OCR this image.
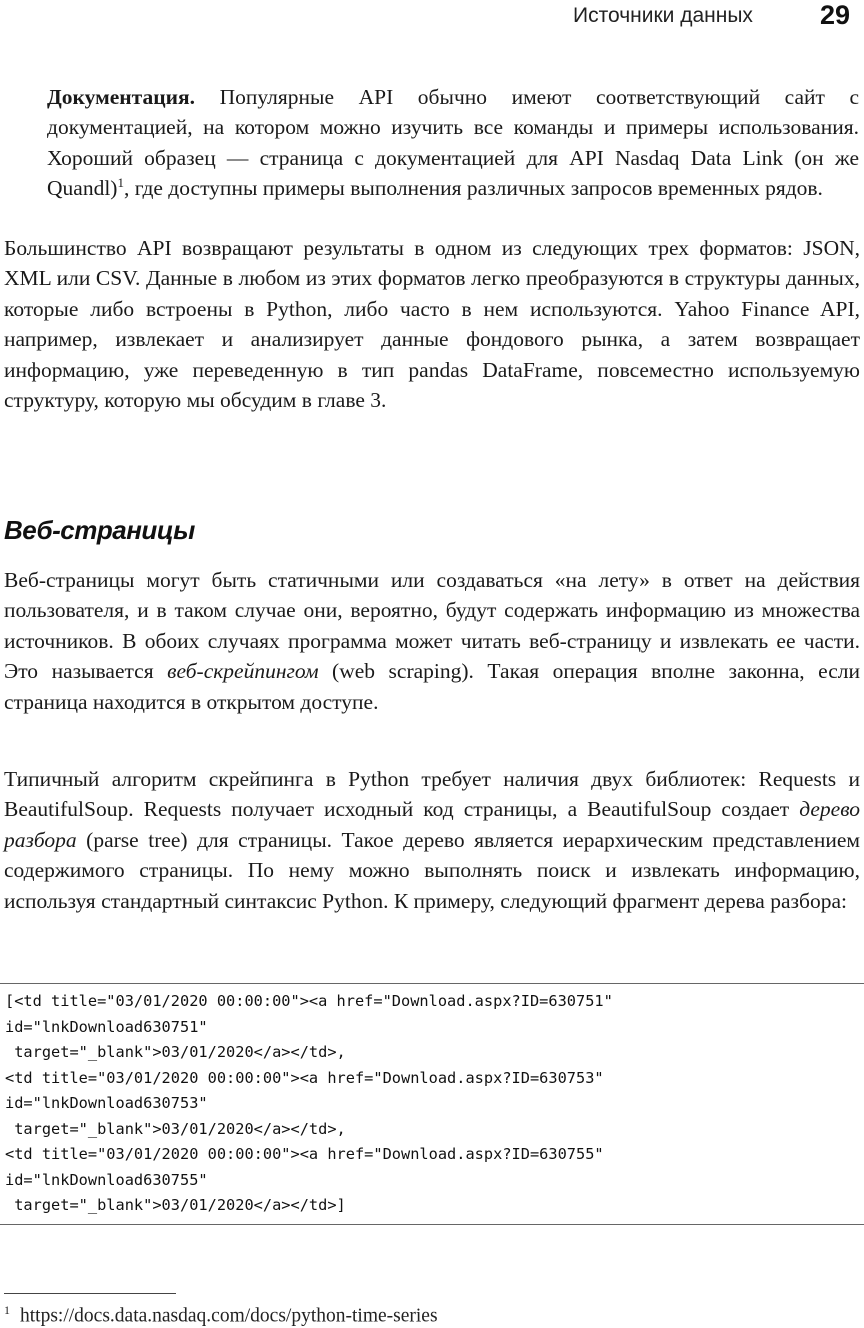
Источники данных 29

Документация. Популярные API обычно имеют соответствующий сайт с документацией, на котором можно изучить все команды и примеры использования. Хороший образец — страница с документацией для API Nasdaq Data Link (он же Quandl)$^1$, где доступны примеры выполнения различных запросов временных рядов.

Большинство API возвращают результаты в одном из следующих трех форматов: JSON, XML или CSV. Данные в любом из этих форматов легко преобразуются в структуры данных, которые либо встроены в Python, либо часто в нем используются. Yahoo Finance API, например, извлекает и анализирует данные фондового рынка, а затем возвращает информацию, уже переведенную в тип pandas DataFrame, повсеместно используемую структуру, которую мы обсудим в главе 3.

Веб-страницы

Веб-страницы могут быть статичными или создаваться «на лету» в ответ на действия пользователя, и в таком случае они, вероятно, будут содержать информацию из множества источников. В обоих случаях программа может читать веб-страницу и извлекать ее части. Это называется веб-скрейпингом (web scraping). Такая операция вполне законна, если страница находится в открытом доступе.

Типичный алгоритм скрейпинга в Python требует наличия двух библиотек: Requests и BeautifulSoup. Requests получает исходный код страницы, а BeautifulSoup создает дерево разбора (parse tree) для страницы. Такое дерево является иерархическим представлением содержимого страницы. По нему можно выполнять поиск и извлекать информацию, используя стандартный синтаксис Python. К примеру, следующий фрагмент дерева разбора:

[<td title="03/01/2020 00:00:00"><a href="Download.aspx?ID=630751"
id="lnkDownload630751"
target="_blank">03/01/2020</a></td>,
<td title="03/01/2020 00:00:00"><a href="Download.aspx?ID=630753"
id="lnkDownload630753"
target="_blank">03/01/2020</a></td>,
<td title="03/01/2020 00:00:00"><a href="Download.aspx?ID=630755"
id="lnkDownload630755"
target="_blank">03/01/2020</a></td>]
$^1$ https://docs.data.nasdaq.com/docs/python-time-series
